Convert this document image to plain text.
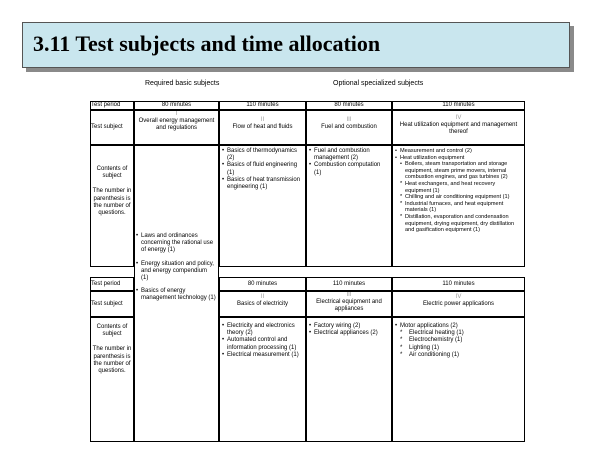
3.11 Test subjects and time allocation
Required basic subjects	Optional specialized subjects
Test period
Test subject
Contents of subject
The number in parenthesis is the number of questions.
80 minutes
I
Overall energy management and regulations
110 minutes
II
Flow of heat and fluids
• Basics of thermodynamics (2)
• Basics of fluid engineering (1)
• Basics of heat transmission engineering (1)
80 minutes
III
Fuel and combustion
• Fuel and combustion management (2)
• Combustion computation (1)
110 minutes
IV
Heat utilization equipment and management thereof
• Measurement and control (2)
• Heat utilization equipment
• Boilers, steam transportation and storage equipment, steam prime movers, internal combustion engines, and gas turbines (2)
* Heat exchangers, and heat recovery equipment (1)
* Chilling and air conditioning equipment (1)
* Industrial furnaces, and heat equipment materials (1)
* Distillation, evaporation and condensation equipment, drying equipment, dry distillation and gasification equipment (1)
Test period
Test subject
Contents of subject
The number in parenthesis is the number of questions.
80 minutes
II
Basics of electricity
• Electricity and electronics theory (2)
• Automated control and information processing (1)
• Electrical measurement (1)
110 minutes
III
Electrical equipment and appliances
• Factory wiring (2)
• Electrical appliances (2)
110 minutes
IV
Electric power applications
• Motor applications (2)
* Electrical heating (1)
* Electrochemistry (1)
* Lighting (1)
* Air conditioning (1)
• Laws and ordinances concerning the rational use of energy (1)
• Energy situation and policy, and energy compendium (1)
• Basics of energy management technology (1)
